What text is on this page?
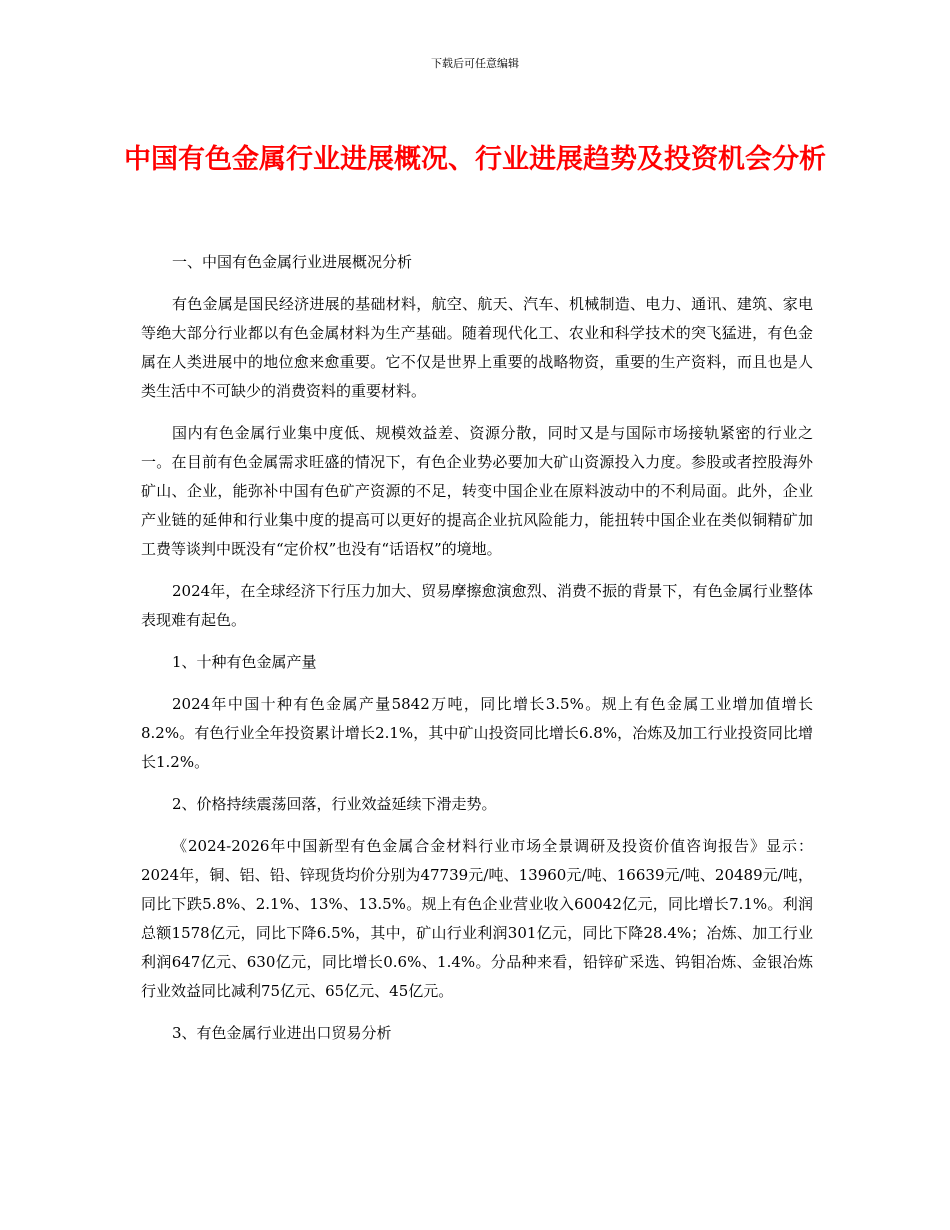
下载后可任意编辑
中国有色金属行业进展概况、行业进展趋势及投资机会分析

一、中国有色金属行业进展概况分析

有色金属是国民经济进展的基础材料，航空、航天、汽车、机械制造、电力、通讯、建筑、家电等绝大部分行业都以有色金属材料为生产基础。随着现代化工、农业和科学技术的突飞猛进，有色金属在人类进展中的地位愈来愈重要。它不仅是世界上重要的战略物资，重要的生产资料，而且也是人类生活中不可缺少的消费资料的重要材料。

国内有色金属行业集中度低、规模效益差、资源分散，同时又是与国际市场接轨紧密的行业之一。在目前有色金属需求旺盛的情况下，有色企业势必要加大矿山资源投入力度。参股或者控股海外矿山、企业，能弥补中国有色矿产资源的不足，转变中国企业在原料波动中的不利局面。此外，企业产业链的延伸和行业集中度的提高可以更好的提高企业抗风险能力，能扭转中国企业在类似铜精矿加工费等谈判中既没有“定价权”也没有“话语权”的境地。

2024年，在全球经济下行压力加大、贸易摩擦愈演愈烈、消费不振的背景下，有色金属行业整体表现难有起色。

1、十种有色金属产量

2024年中国十种有色金属产量5842万吨，同比增长3.5%。规上有色金属工业增加值增长8.2%。有色行业全年投资累计增长2.1%，其中矿山投资同比增长6.8%，冶炼及加工行业投资同比增长1.2%。

2、价格持续震荡回落，行业效益延续下滑走势。

《2024-2026年中国新型有色金属合金材料行业市场全景调研及投资价值咨询报告》显示：2024年，铜、铝、铅、锌现货均价分别为47739元/吨、13960元/吨、16639元/吨、20489元/吨，同比下跌5.8%、2.1%、13%、13.5%。规上有色企业营业收入60042亿元，同比增长7.1%。利润总额1578亿元，同比下降6.5%，其中，矿山行业利润301亿元，同比下降28.4%；冶炼、加工行业利润647亿元、630亿元，同比增长0.6%、1.4%。分品种来看，铅锌矿采选、钨钼冶炼、金银冶炼行业效益同比减利75亿元、65亿元、45亿元。

3、有色金属行业进出口贸易分析
